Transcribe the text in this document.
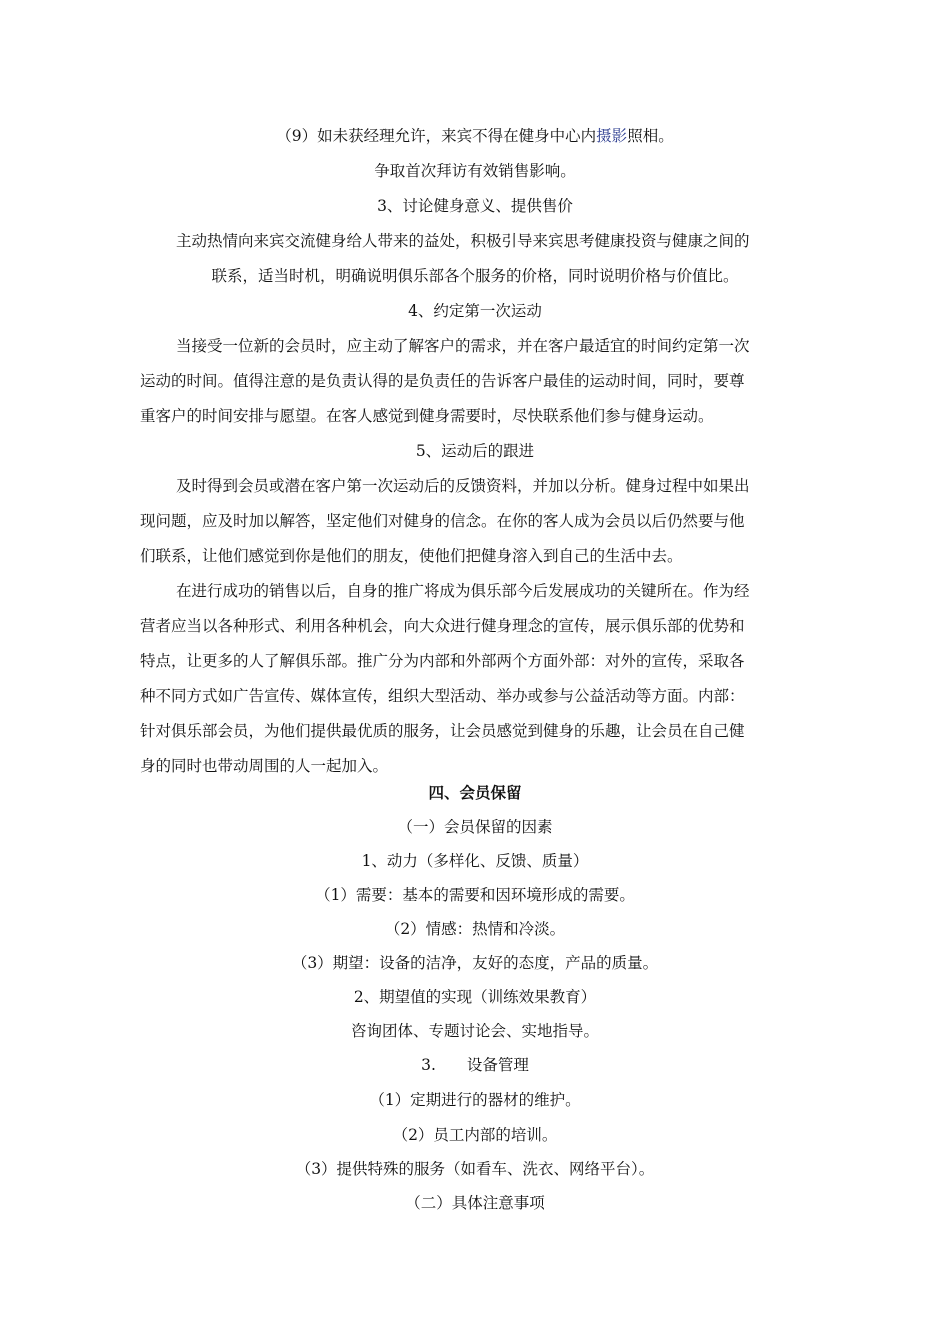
（9）如未获经理允许，来宾不得在健身中心内摄影照相。
争取首次拜访有效销售影响。
3、讨论健身意义、提供售价
主动热情向来宾交流健身给人带来的益处，积极引导来宾思考健康投资与健康之间的
联系，适当时机，明确说明俱乐部各个服务的价格，同时说明价格与价值比。
4、约定第一次运动
当接受一位新的会员时，应主动了解客户的需求，并在客户最适宜的时间约定第一次
运动的时间。值得注意的是负责认得的是负责任的告诉客户最佳的运动时间，同时，要尊
重客户的时间安排与愿望。在客人感觉到健身需要时，尽快联系他们参与健身运动。
5、运动后的跟进
及时得到会员或潜在客户第一次运动后的反馈资料，并加以分析。健身过程中如果出
现问题，应及时加以解答，坚定他们对健身的信念。在你的客人成为会员以后仍然要与他
们联系，让他们感觉到你是他们的朋友，使他们把健身溶入到自己的生活中去。
在进行成功的销售以后，自身的推广将成为俱乐部今后发展成功的关键所在。作为经
营者应当以各种形式、利用各种机会，向大众进行健身理念的宣传，展示俱乐部的优势和
特点，让更多的人了解俱乐部。推广分为内部和外部两个方面外部：对外的宣传，采取各
种不同方式如广告宣传、媒体宣传，组织大型活动、举办或参与公益活动等方面。内部：
针对俱乐部会员，为他们提供最优质的服务，让会员感觉到健身的乐趣，让会员在自己健
身的同时也带动周围的人一起加入。
四、会员保留
（一）会员保留的因素
1、动力（多样化、反馈、质量）
（1）需要：基本的需要和因环境形成的需要。
（2）情感：热情和冷淡。
（3）期望：设备的洁净，友好的态度，产品的质量。
2、期望值的实现（训练效果教育）
咨询团体、专题讨论会、实地指导。
3.　　设备管理
（1）定期进行的器材的维护。
（2）员工内部的培训。
（3）提供特殊的服务（如看车、洗衣、网络平台）。
（二）具体注意事项
